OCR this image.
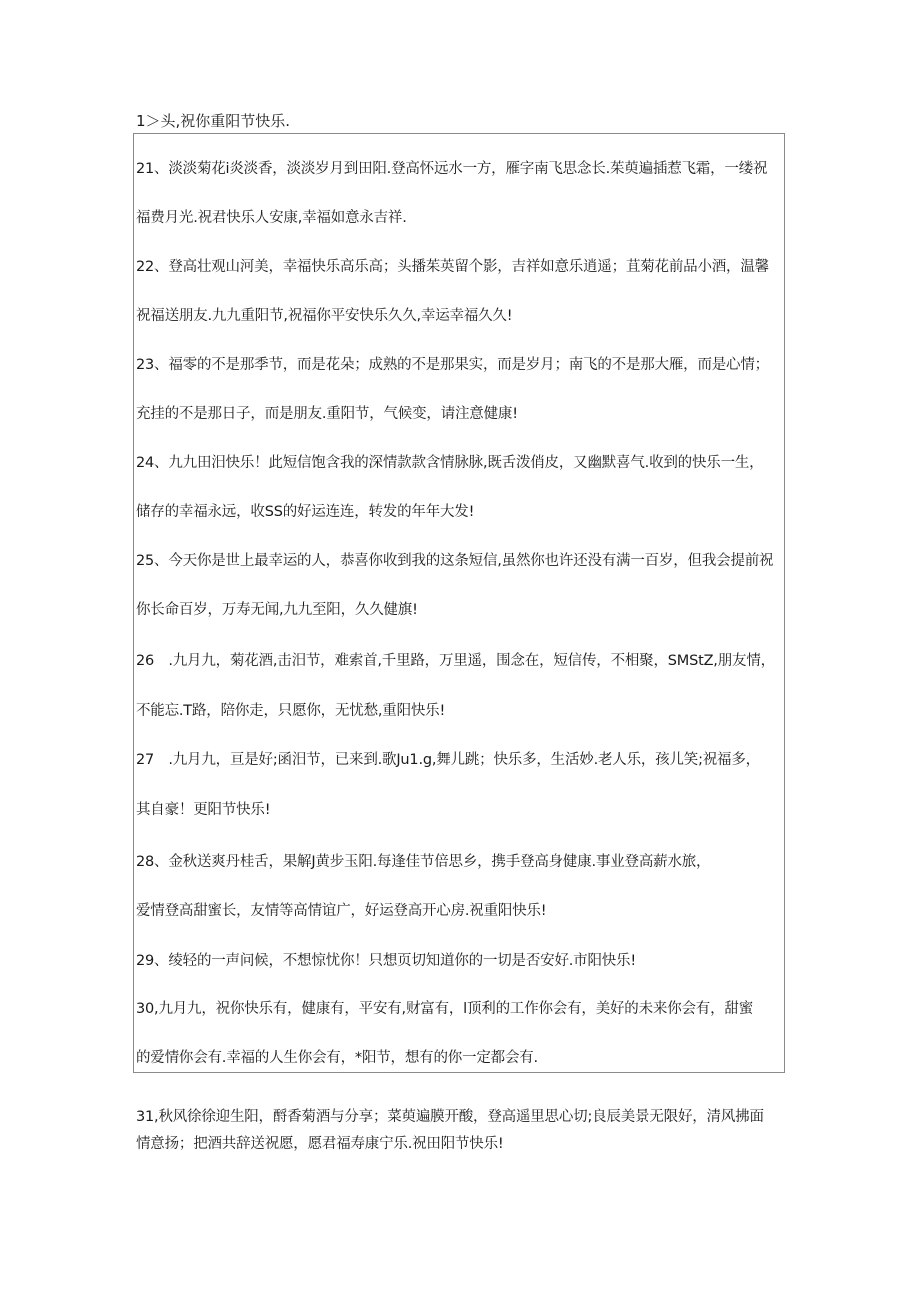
1＞头,祝你重阳节快乐.
21、淡淡菊花i炎淡香，淡淡岁月到田阳.登高怀远水一方，雁字南飞思念长.茱萸遍插惹飞霜，一缕祝
福费月光.祝君快乐人安康,幸福如意永吉祥.
22、登高壮观山河美，幸福快乐高乐高；头播茱英留个影，吉祥如意乐逍遥；苴菊花前品小酒，温馨
祝福送朋友.九九重阳节,祝福你平安快乐久久,幸运幸福久久!
23、福零的不是那季节，而是花朵；成熟的不是那果实，而是岁月；南飞的不是那大雁，而是心情；
充挂的不是那日子，而是朋友.重阳节，气候变，请注意健康!
24、九九田汨快乐！此短信饱含我的深情款款含情脉脉,既舌泼俏皮，又幽默喜气.收到的快乐一生，
储存的幸福永远，收SS的好运连连，转发的年年大发!
25、今天你是世上最幸运的人，恭喜你收到我的这条短信,虽然你也许还没有满一百岁，但我会提前祝
你长命百岁，万寿无闻,九九至阳，久久健旗!
26　.九月九，菊花酒,击汨节，难索首,千里路，万里遥，围念在，短信传，不相聚，SMStZ,朋友情，
不能忘.T路，陪你走，只愿你，无忧愁,重阳快乐!
27　.九月九，亘是好;函汨节，已来到.歌Ju1.g,舞儿跳；快乐多，生活妙.老人乐，孩儿笑;祝福多，
其自豪！更阳节快乐!
28、金秋送爽丹桂舌，果解J黄步玉阳.每逢佳节倍思乡，携手登高身健康.事业登高薪水旅，
爱情登高甜蜜长，友情等高情谊广，好运登高开心房.祝重阳快乐!
29、绫轻的一声问候，不想惊忧你！只想页切知道你的一切是否安好.市阳快乐!
30,九月九，祝你快乐有，健康有，平安有,财富有，l顶利的工作你会有，美好的未来你会有，甜蜜
的爱情你会有.幸福的人生你会有，*阳节，想有的你一定都会有.
31,秋风徐徐迎生阳，酹香菊酒与分享；菜萸遍膜开酸，登高遥里思心切;良辰美景无限好，清风拂面
情意扬；把酒共辞送祝愿，愿君福寿康宁乐.祝田阳节快乐!
